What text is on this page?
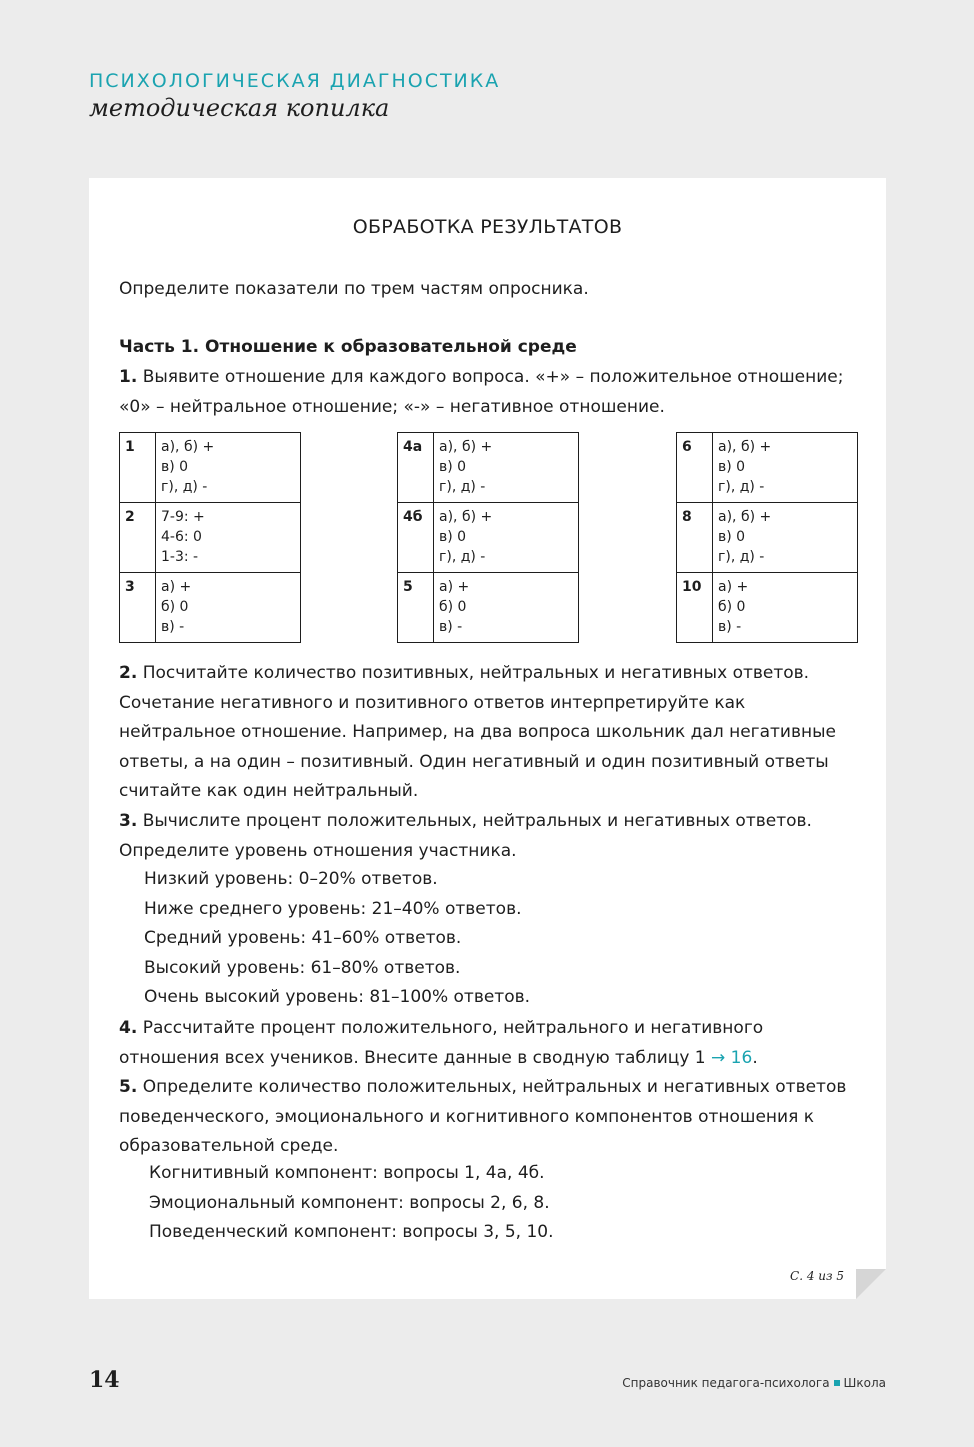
ПСИХОЛОГИЧЕСКАЯ ДИАГНОСТИКА
методическая копилка
ОБРАБОТКА РЕЗУЛЬТАТОВ

Определите показатели по трем частям опросника.

Часть 1. Отношение к образовательной среде

1. Выявите отношение для каждого вопроса. «+» – положительное отношение; «0» – нейтральное отношение; «-» – негативное отношение.

1	а), б) +
в) 0
г), д) -

2	7-9: +
4-6: 0
1-3: -

3	а) +
б) 0
в) -
4а	а), б) +
в) 0
г), д) -

4б	а), б) +
в) 0
г), д) -

5	а) +
б) 0
в) -
6	а), б) +
в) 0
г), д) -

8	а), б) +
в) 0
г), д) -

10	а) +
б) 0
в) -

2. Посчитайте количество позитивных, нейтральных и негативных ответов. Сочетание негативного и позитивного ответов интерпретируйте как нейтральное отношение. Например, на два вопроса школьник дал негативные ответы, а на один – позитивный. Один негативный и один позитивный ответы считайте как один нейтральный.
3. Вычислите процент положительных, нейтральных и негативных ответов. Определите уровень отношения участника.

Низкий уровень: 0–20% ответов.
Ниже среднего уровень: 21–40% ответов.
Средний уровень: 41–60% ответов.
Высокий уровень: 61–80% ответов.
Очень высокий уровень: 81–100% ответов.

4. Рассчитайте процент положительного, нейтрального и негативного отношения всех учеников. Внесите данные в сводную таблицу 1 → 16.

5. Определите количество положительных, нейтральных и негативных ответов поведенческого, эмоционального и когнитивного компонентов отношения к образовательной среде.

Когнитивный компонент: вопросы 1, 4а, 4б.
Эмоциональный компонент: вопросы 2, 6, 8.
Поведенческий компонент: вопросы 3, 5, 10.
С. 4 из 5
14	Справочник педагога-психолога Школа
